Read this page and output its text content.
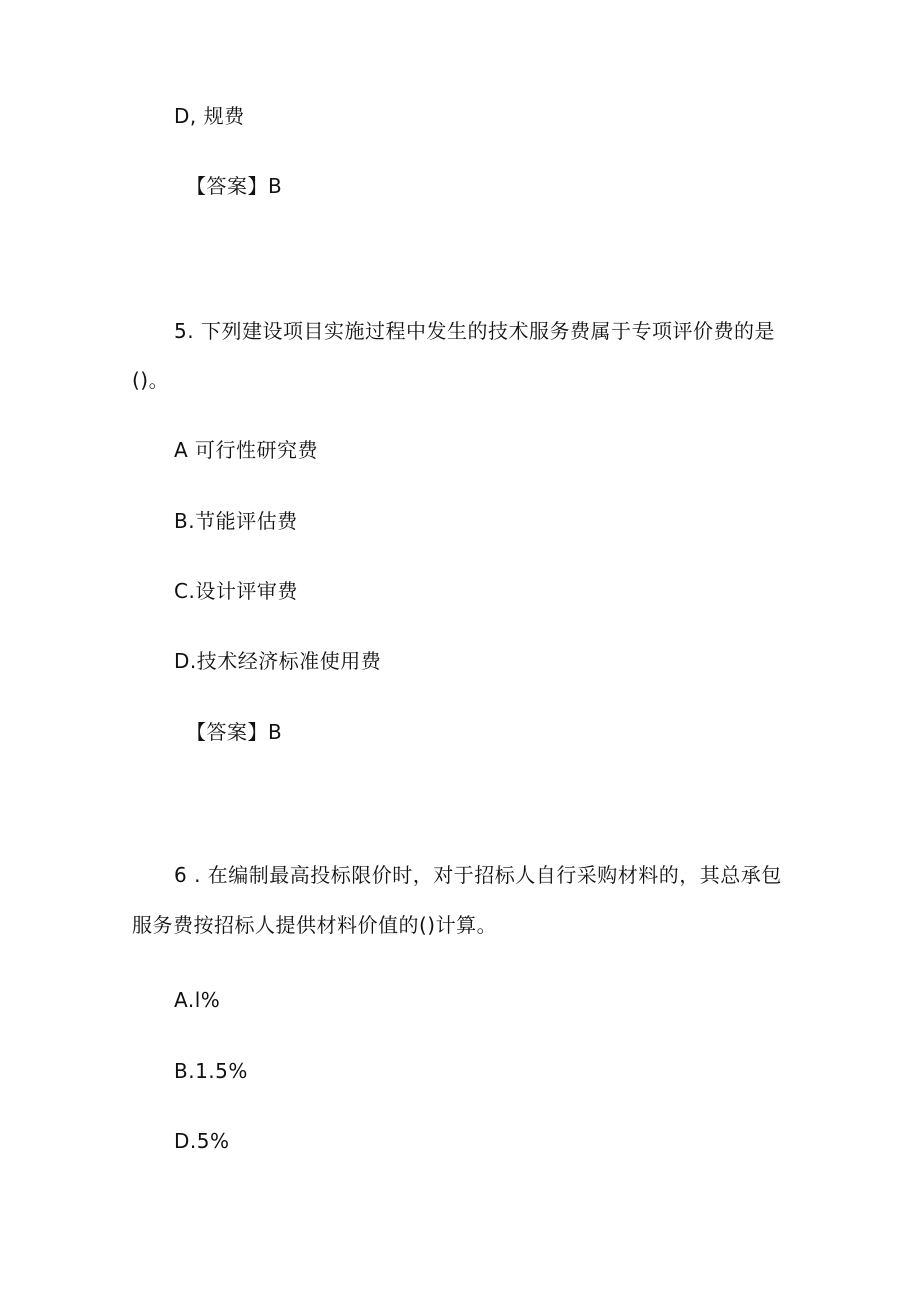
D, 规费
【答案】B
5. 下列建设项目实施过程中发生的技术服务费属于专项评价费的是
()。
A 可行性研究费
B.节能评估费
C.设计评审费
D.技术经济标准使用费
【答案】B
6 . 在编制最高投标限价时，对于招标人自行采购材料的，其总承包
服务费按招标人提供材料价值的()计算。
A.l%
B.1.5%
D.5%
